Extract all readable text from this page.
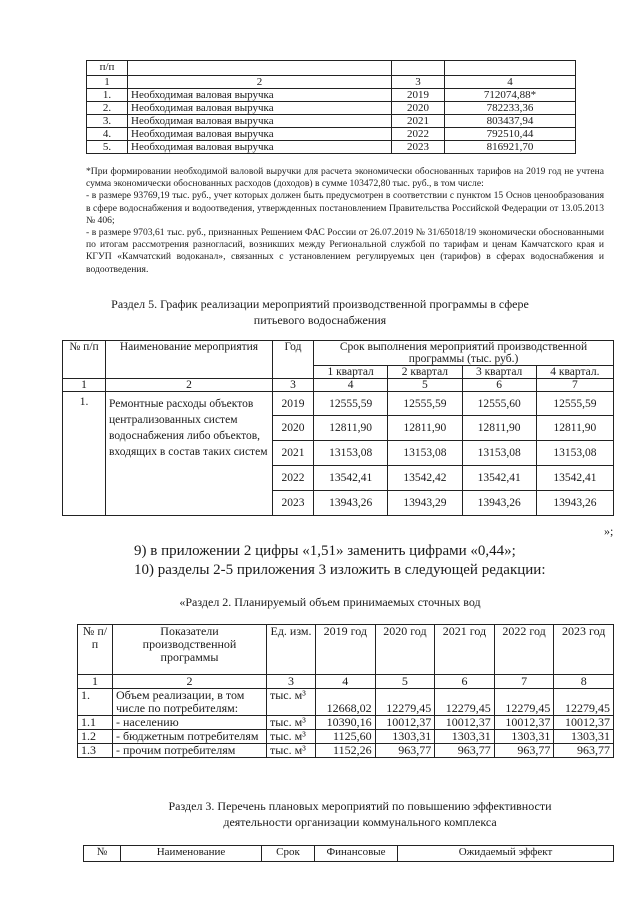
п/п			
1	2	3	4
1.	Необходимая валовая выручка	2019	712074,88*
2.	Необходимая валовая выручка	2020	782233,36
3.	Необходимая валовая выручка	2021	803437,94
4.	Необходимая валовая выручка	2022	792510,44
5.	Необходимая валовая выручка	2023	816921,70
*При формировании необходимой валовой выручки для расчета экономически обоснованных тарифов на 2019 год не учтена сумма экономически обоснованных расходов (доходов) в сумме 103472,80 тыс. руб., в том числе:
- в размере 93769,19 тыс. руб., учет которых должен быть предусмотрен в соответствии с пунктом 15 Основ ценообразования в сфере водоснабжения и водоотведения, утвержденных постановлением Правительства Российской Федерации от 13.05.2013 № 406;
- в размере 9703,61 тыс. руб., признанных Решением ФАС России от 26.07.2019 № 31/65018/19 экономически обоснованными по итогам рассмотрения разногласий, возникших между Региональной службой по тарифам и ценам Камчатского края и КГУП «Камчатский водоканал», связанных с установлением регулируемых цен (тарифов) в сферах водоснабжения и водоотведения.
Раздел 5. График реализации мероприятий производственной программы в сфере питьевого водоснабжения
№ п/п	Наименование мероприятия	Год	Срок выполнения мероприятий производственной программы (тыс. руб.)			
			1 квартал	2 квартал	3 квартал	4 квартал.
1	2	3	4	5	6	7
1.	Ремонтные расходы объектов централизованных систем водоснабжения либо объектов, входящих в состав таких систем	2019	12555,59	12555,59	12555,60	12555,59
		2020	12811,90	12811,90	12811,90	12811,90
		2021	13153,08	13153,08	13153,08	13153,08
		2022	13542,41	13542,42	13542,41	13542,41
		2023	13943,26	13943,29	13943,26	13943,26
»;
9) в приложении 2 цифры «1,51» заменить цифрами «0,44»;
10) разделы 2-5 приложения 3 изложить в следующей редакции:
«Раздел 2. Планируемый объем принимаемых сточных вод
№ п/п	Показатели производственной программы	Ед. изм.	2019 год	2020 год	2021 год	2022 год	2023 год
1	2	3	4	5	6	7	8
1.	Объем реализации, в том числе по потребителям:	тыс. м³	12668,02	12279,45	12279,45	12279,45	12279,45
1.1	- населению	тыс. м³	10390,16	10012,37	10012,37	10012,37	10012,37
1.2	- бюджетным потребителям	тыс. м³	1125,60	1303,31	1303,31	1303,31	1303,31
1.3	- прочим потребителям	тыс. м³	1152,26	963,77	963,77	963,77	963,77
Раздел 3. Перечень плановых мероприятий по повышению эффективности деятельности организации коммунального комплекса
№	Наименование	Срок	Финансовые	Ожидаемый эффект
